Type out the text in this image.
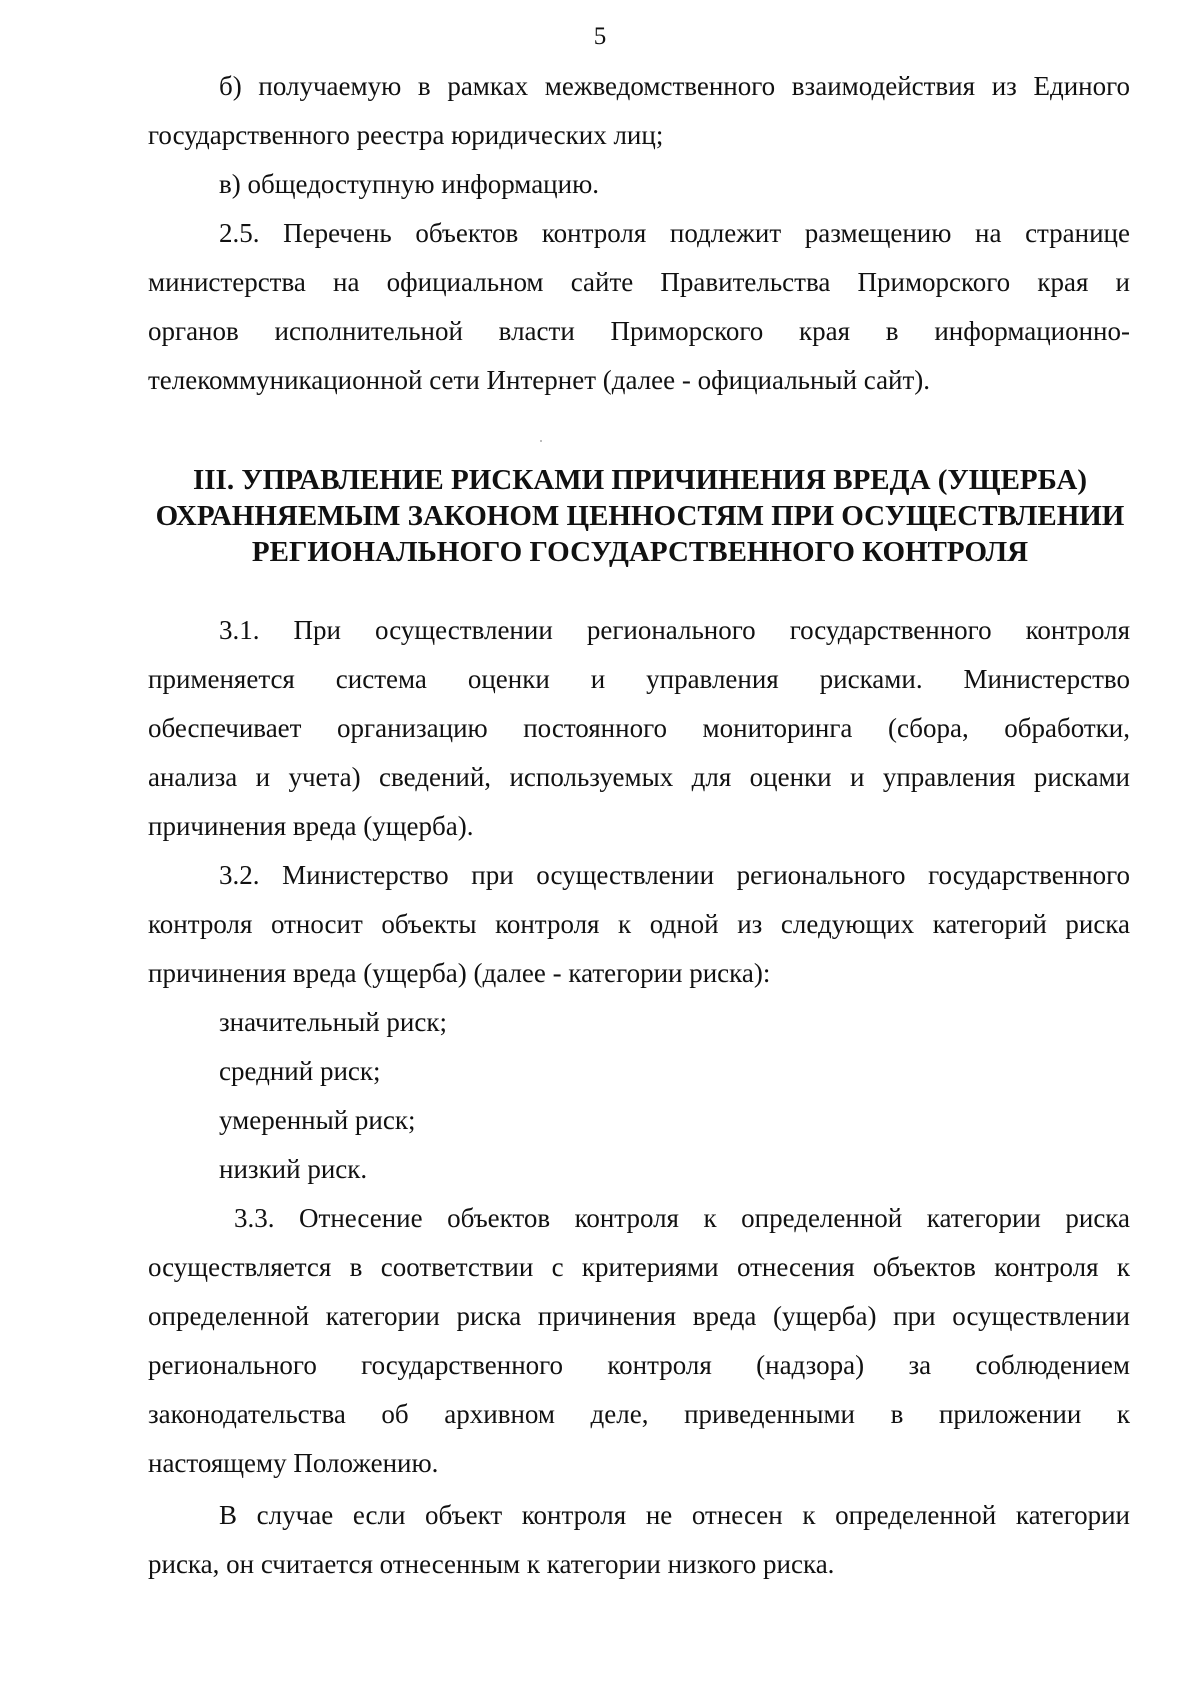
5
б) получаемую в рамках межведомственного взаимодействия из Единого
государственного реестра юридических лиц;
в) общедоступную информацию.
2.5. Перечень объектов контроля подлежит размещению на странице
министерства на официальном сайте Правительства Приморского края и
органов исполнительной власти Приморского края в информационно-
телекоммуникационной сети Интернет (далее - официальный сайт).
III. УПРАВЛЕНИЕ РИСКАМИ ПРИЧИНЕНИЯ ВРЕДА (УЩЕРБА)
ОХРАННЯЕМЫМ ЗАКОНОМ ЦЕННОСТЯМ ПРИ ОСУЩЕСТВЛЕНИИ
РЕГИОНАЛЬНОГО ГОСУДАРСТВЕННОГО КОНТРОЛЯ
3.1. При осуществлении регионального государственного контроля
применяется система оценки и управления рисками. Министерство
обеспечивает организацию постоянного мониторинга (сбора, обработки,
анализа и учета) сведений, используемых для оценки и управления рисками
причинения вреда (ущерба).
3.2. Министерство при осуществлении регионального государственного
контроля относит объекты контроля к одной из следующих категорий риска
причинения вреда (ущерба) (далее - категории риска):
значительный риск;
средний риск;
умеренный риск;
низкий риск.
3.3. Отнесение объектов контроля к определенной категории риска
осуществляется в соответствии с критериями отнесения объектов контроля к
определенной категории риска причинения вреда (ущерба) при осуществлении
регионального государственного контроля (надзора) за соблюдением
законодательства об архивном деле, приведенными в приложении к
настоящему Положению.
В случае если объект контроля не отнесен к определенной категории
риска, он считается отнесенным к категории низкого риска.
